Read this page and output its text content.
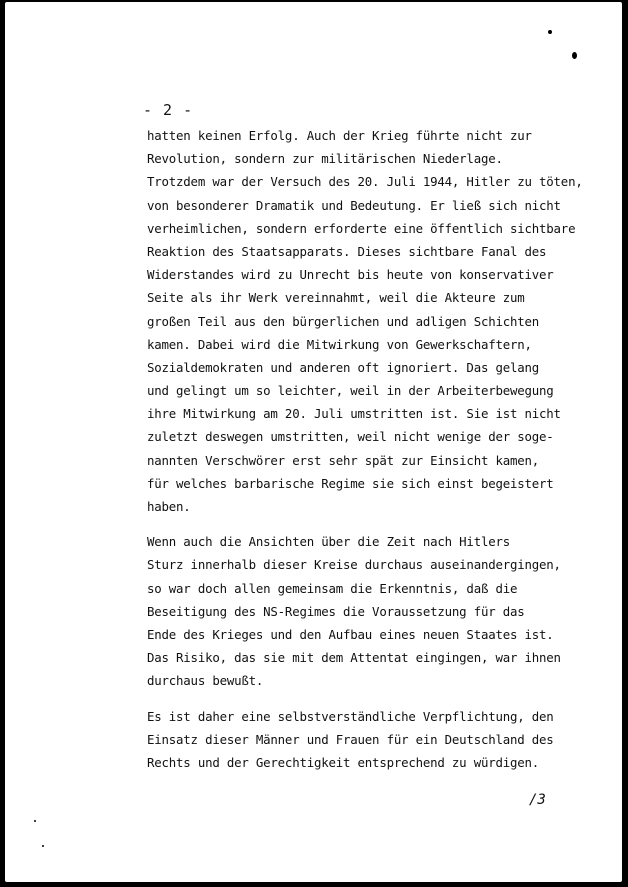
- 2 -

hatten keinen Erfolg. Auch der Krieg führte nicht zur
Revolution, sondern zur militärischen Niederlage.
Trotzdem war der Versuch des 20. Juli 1944, Hitler zu töten,
von besonderer Dramatik und Bedeutung. Er ließ sich nicht
verheimlichen, sondern erforderte eine öffentlich sichtbare
Reaktion des Staatsapparats. Dieses sichtbare Fanal des
Widerstandes wird zu Unrecht bis heute von konservativer
Seite als ihr Werk vereinnahmt, weil die Akteure zum
großen Teil aus den bürgerlichen und adligen Schichten
kamen. Dabei wird die Mitwirkung von Gewerkschaftern,
Sozialdemokraten und anderen oft ignoriert. Das gelang
und gelingt um so leichter, weil in der Arbeiterbewegung
ihre Mitwirkung am 20. Juli umstritten ist. Sie ist nicht
zuletzt deswegen umstritten, weil nicht wenige der soge-
nannten Verschwörer erst sehr spät zur Einsicht kamen,
für welches barbarische Regime sie sich einst begeistert
haben.

Wenn auch die Ansichten über die Zeit nach Hitlers
Sturz innerhalb dieser Kreise durchaus auseinandergingen,
so war doch allen gemeinsam die Erkenntnis, daß die
Beseitigung des NS-Regimes die Voraussetzung für das
Ende des Krieges und den Aufbau eines neuen Staates ist.
Das Risiko, das sie mit dem Attentat eingingen, war ihnen
durchaus bewußt.

Es ist daher eine selbstverständliche Verpflichtung, den
Einsatz dieser Männer und Frauen für ein Deutschland des
Rechts und der Gerechtigkeit entsprechend zu würdigen.

/3
